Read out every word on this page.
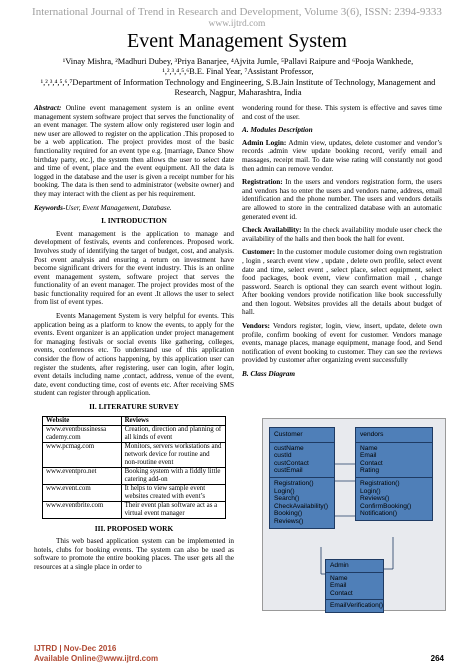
International Journal of Trend in Research and Development, Volume 3(6), ISSN: 2394-9333
www.ijtrd.com
Event Management System

¹Vinay Mishra, ²Madhuri Dubey, ³Priya Banarjee, ⁴Ajvita Jumle, ⁵Pallavi Raipure and ⁶Pooja Wankhede,

¹,²,³,⁴,⁵,⁶B.E. Final Year, ⁷Assistant Professor,

¹,²,³,⁴,⁵,⁶,⁷Department of Information Technology and Engineering, S.B.Jain Institute of Technology, Management and

Research, Nagpur, Maharashtra, India

Abstract: Online event management system is an online event management system software project that serves the functionality of an event manager. The system allow only registered user login and new user are allowed to register on the application .This proposed to be a web application. The project provides most of the basic functionality required for an event type e.g. [marriage, Dance Show birthday party, etc.], the system then allows the user to select date and time of event, place and the event equipment. All the data is logged in the database and the user is given a receipt number for his booking. The data is then send to administrator (website owner) and they may interact with the client as per his requirement.

Keywords-User, Event Management, Database.

I. INTRODUCTION

Event management is the application to manage and development of festivals, events and conferences. Proposed work. Involves study of identifying the target of budget, cost, and analysis. Post event analysis and ensuring a return on investment have become significant drivers for the event industry. This is an online event management system, software project that serves the functionality of an event manager. The project provides most of the basic functionality required for an event .It allows the user to select from list of event types.

Events Management System is very helpful for events. This application being as a platform to know the events, to apply for the events. Event organizer is an application under project management for managing festivals or social events like gathering, colleges, events, conferences etc. To understand use of this application consider the flow of actions happening, by this application user can register the students, after registering, user can login, after login, event details including name ,contact, address, venue of the event, date, event conducting time, cost of events etc. After receiving SMS student can register through application.

II. LITERATURE SURVEY
Website	Reviews
www.eventbussinessa cademy.com	Creation, direction and planning of all kinds of event
www.pcmag.com	Monitors, servers workstations and network device for routine and non-routine event
www.eventpro.net	Booking system with a fiddly little catering add-on
www.event.com	It helps to view sample event websites created with event’s
www.eventbrite.com	Their event plan software act as a virtual event manager
III. PROPOSED WORK

This web based application system can be implemented in hotels, clubs for booking events. The system can also be used as software to promote the entire booking places. The user gets all the resources at a single place in order to

wondering round for these. This system is effective and saves time and cost of the user.

A. Modules Description

Admin Login: Admin view, updates, delete customer and vendor’s records .admin view update booking record, verify email and massages, receipt mail. To date wise rating will constantly not good then admin can remove vendor.

Registration: In the users and vendors registration form, the users and vendors has to enter the users and vendors name, address, email identification and the phone number. The users and vendors details are allowed to store in the centralized database with an automatic generated event id.

Check Availability: In the check availability module user check the availability of the halls and then book the hall for event.

Customer: In the customer module customer doing own registration , login , search event view , update , delete own profile, select event date and time, select event , select place, select equipment, select food packages, book event, view confirmation mail , change password. Search is optional they can search event without login. After booking vendors provide notification like book successfully and then logout. Websites provides all the details about budget of hall.

Vendors: Vendors register, login, view, insert, update, delete own profile, confirm booking of event for customer. Vendors manage events, manage places, manage equipment, manage food, and Send notification of event booking to customer. They can see the reviews provided by customer after organizing event successfully

B. Class Diagram
Customer
custName
custId
custContact
custEmail
Registration()
Login()
Search()
CheckAvailability()
Booking()
Reviews()
vendors
Name
Email
Contact
Rating
Registration()
Login()
Reviews()
ConfirmBooking()
Notification()
Admin
Name
Email
Contact
EmailVerification()
IJTRD | Nov-Dec 2016
Available Online@www.ijtrd.com	264
